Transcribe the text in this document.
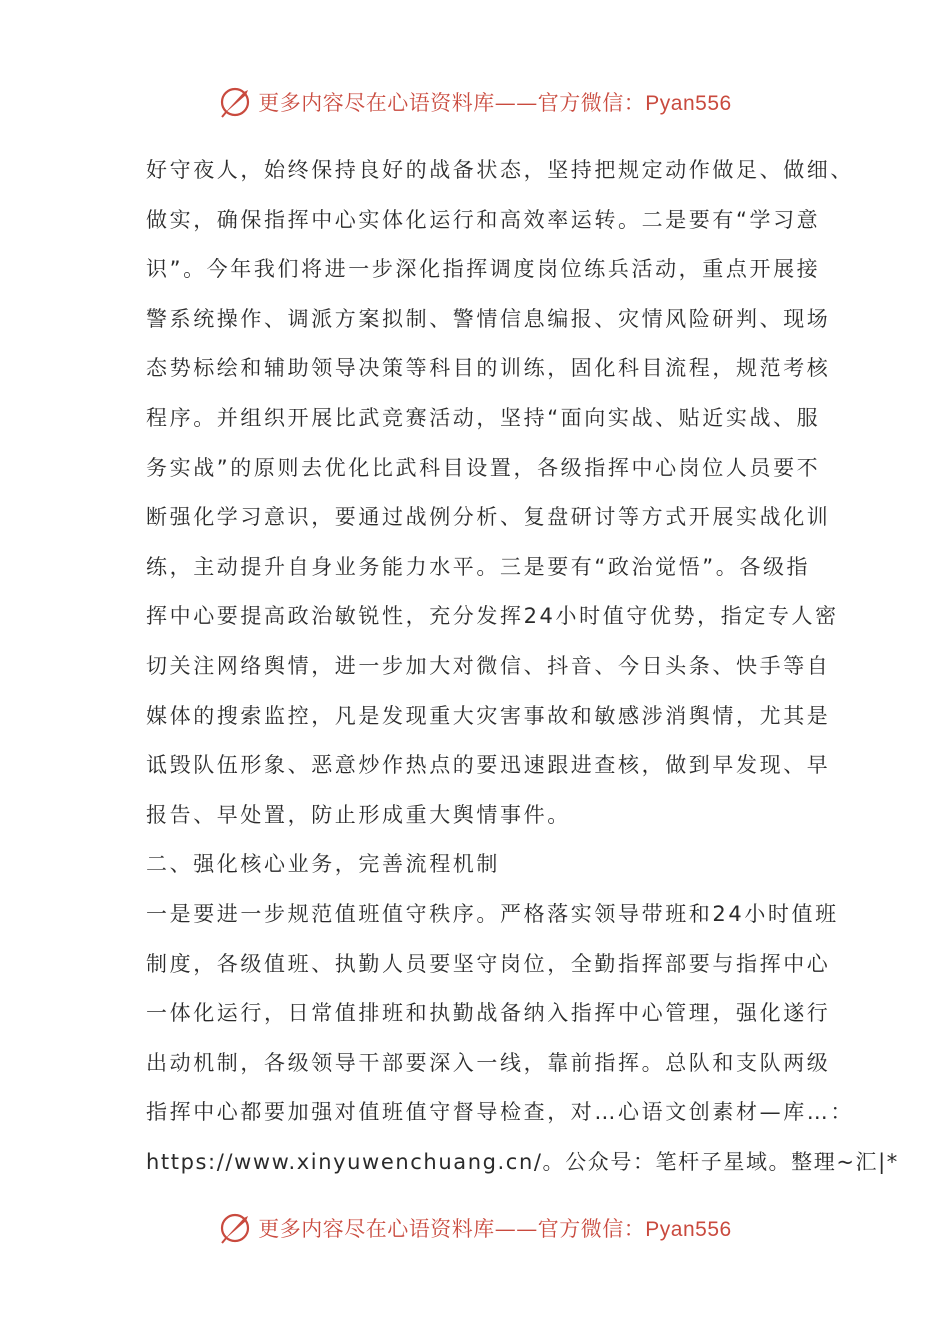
更多内容尽在心语资料库——官方微信：Pyan556
好守夜人，始终保持良好的战备状态，坚持把规定动作做足、做细、
做实，确保指挥中心实体化运行和高效率运转。二是要有“学习意
识”。今年我们将进一步深化指挥调度岗位练兵活动，重点开展接
警系统操作、调派方案拟制、警情信息编报、灾情风险研判、现场
态势标绘和辅助领导决策等科目的训练，固化科目流程，规范考核
程序。并组织开展比武竞赛活动，坚持“面向实战、贴近实战、服
务实战”的原则去优化比武科目设置，各级指挥中心岗位人员要不
断强化学习意识，要通过战例分析、复盘研讨等方式开展实战化训
练，主动提升自身业务能力水平。三是要有“政治觉悟”。各级指
挥中心要提高政治敏锐性，充分发挥24小时值守优势，指定专人密
切关注网络舆情，进一步加大对微信、抖音、今日头条、快手等自
媒体的搜索监控，凡是发现重大灾害事故和敏感涉消舆情，尤其是
诋毁队伍形象、恶意炒作热点的要迅速跟进查核，做到早发现、早
报告、早处置，防止形成重大舆情事件。
二、强化核心业务，完善流程机制
一是要进一步规范值班值守秩序。严格落实领导带班和24小时值班
制度，各级值班、执勤人员要坚守岗位，全勤指挥部要与指挥中心
一体化运行，日常值排班和执勤战备纳入指挥中心管理，强化遂行
出动机制，各级领导干部要深入一线，靠前指挥。总队和支队两级
指挥中心都要加强对值班值守督导检查，对…心语文创素材—库…：
https://www.xinyuwenchuang.cn/。公众号：笔杆子星域。整理~汇|*
更多内容尽在心语资料库——官方微信：Pyan556
